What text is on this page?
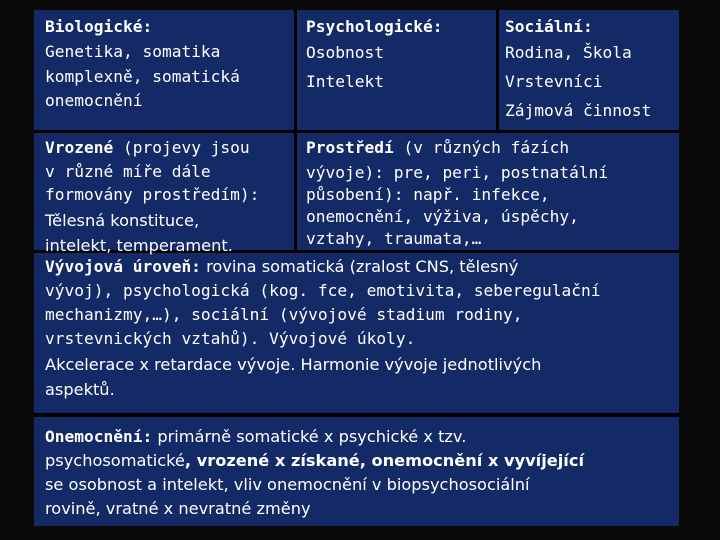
Biologické:
Genetika, somatika
komplexně, somatická
onemocnění
Psychologické:
Osobnost
Intelekt
Sociální:
Rodina, Škola
Vrstevníci
Zájmová činnost
Vrozené (projevy jsou
v různé míře dále
formovány prostředím):
Tělesná konstituce,
intelekt, temperament.
Prostředí (v různých fázích
vývoje): pre, peri, postnatální
působení): např. infekce,
onemocnění, výživa, úspěchy,
vztahy, traumata,…
Vývojová úroveň: rovina somatická (zralost CNS, tělesný
vývoj), psychologická (kog. fce, emotivita, seberegulační
mechanizmy,…), sociální (vývojové stadium rodiny,
vrstevnických vztahů). Vývojové úkoly.
Akcelerace x retardace vývoje. Harmonie vývoje jednotlivých
aspektů.
Onemocnění: primárně somatické x psychické x tzv.
psychosomatické, vrozené x získané, onemocnění x vyvíjející
se osobnost a intelekt, vliv onemocnění v biopsychosociální
rovině, vratné x nevratné změny
